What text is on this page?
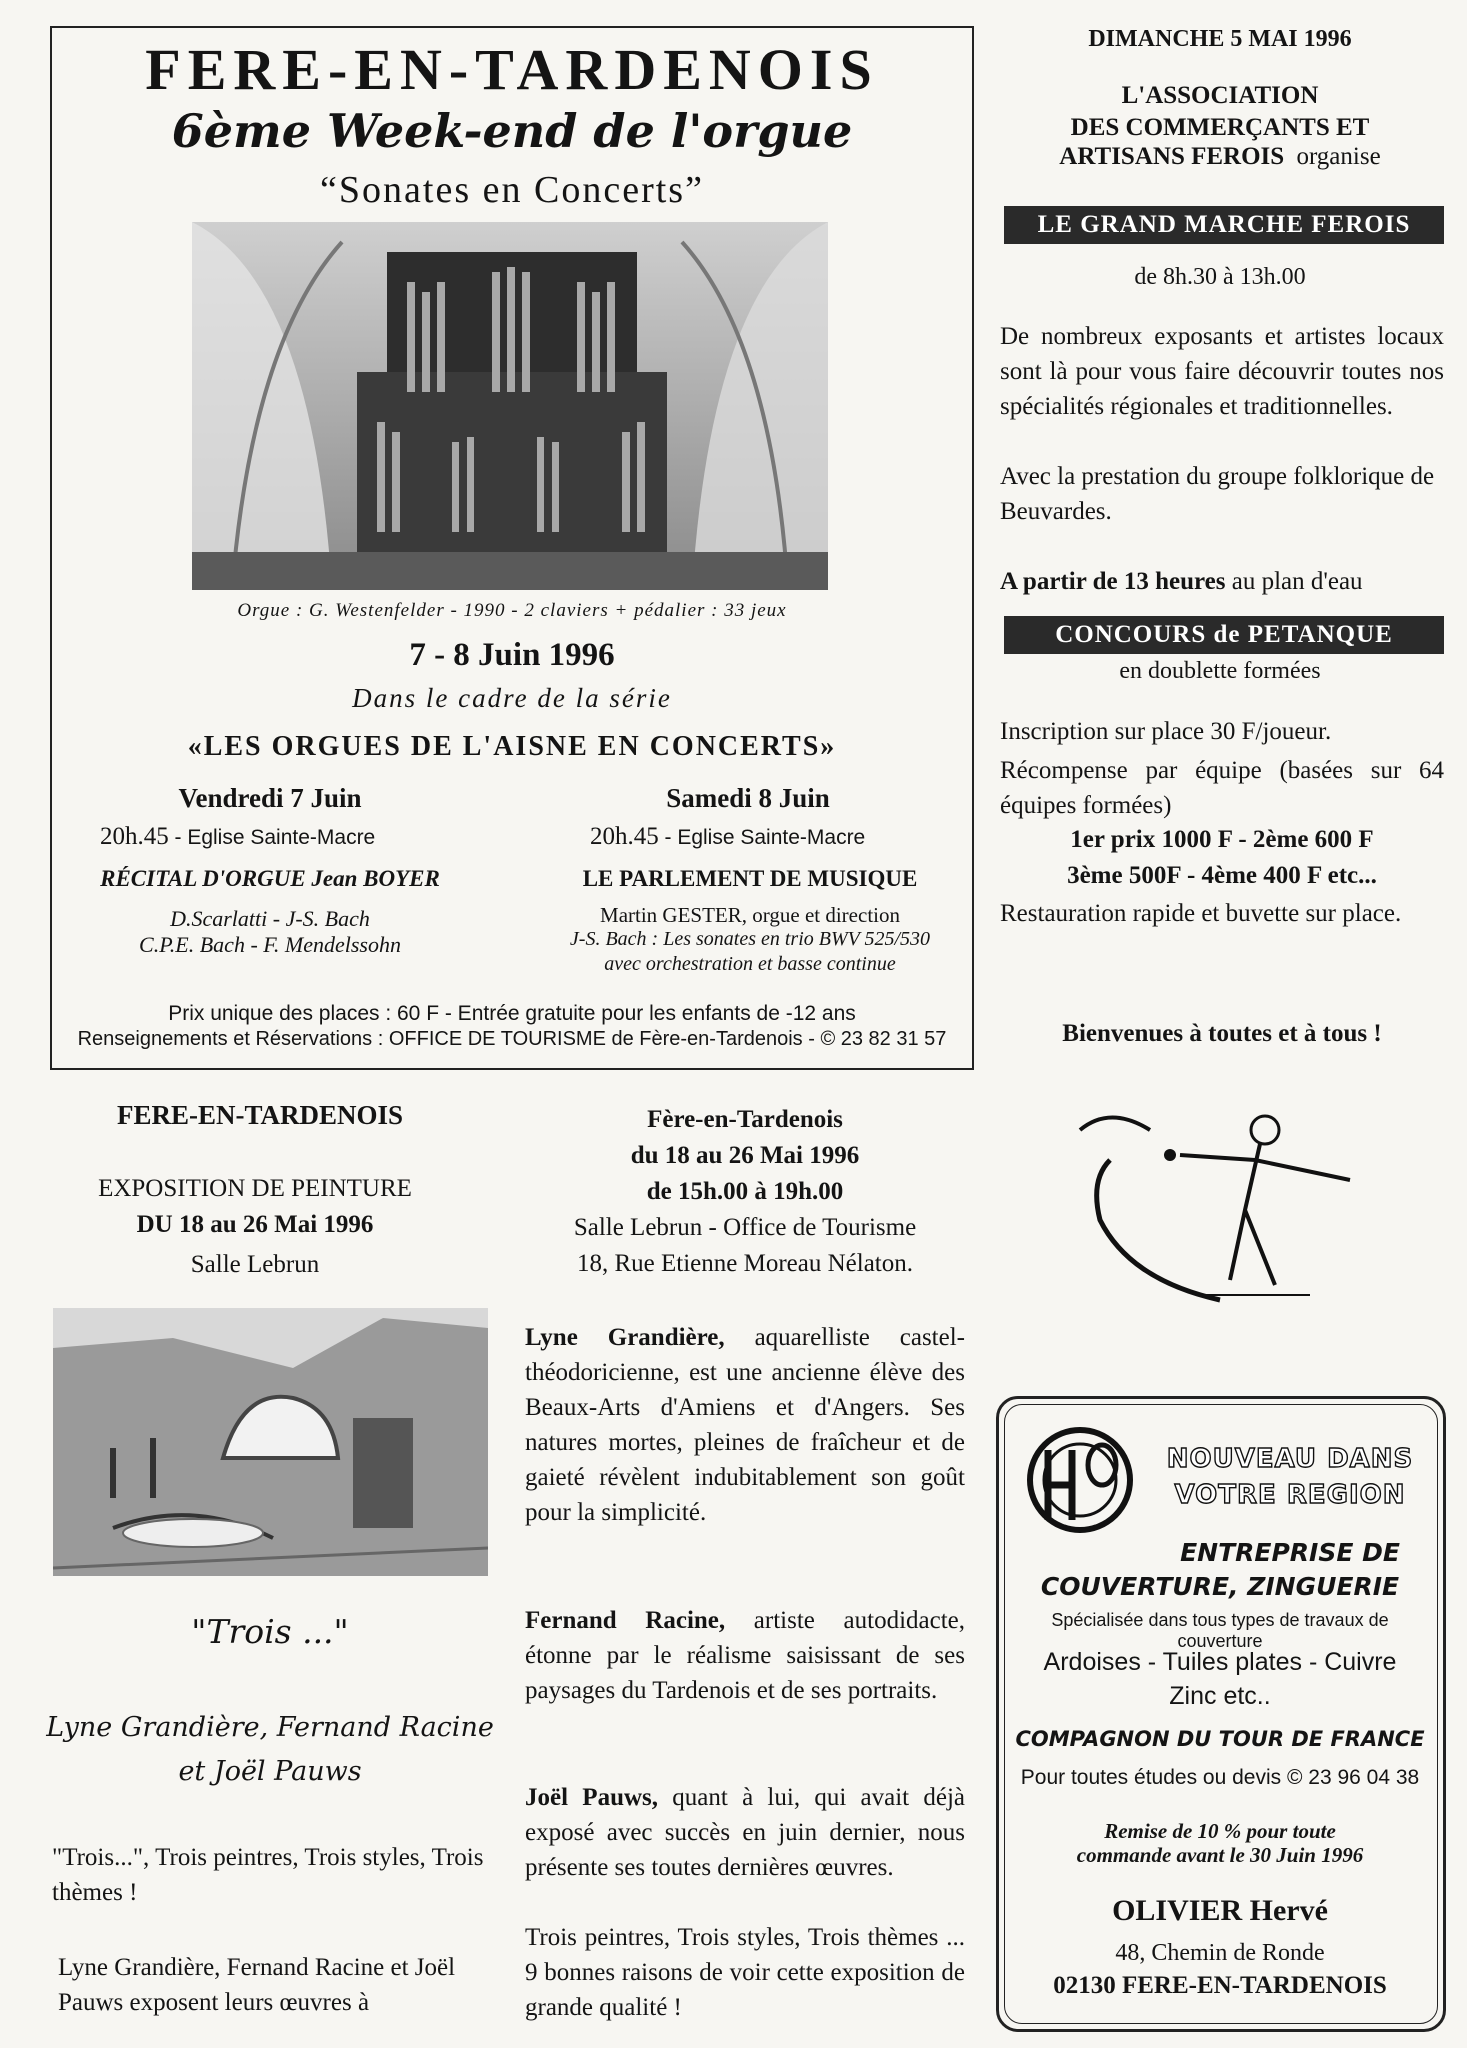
FERE-EN-TARDENOIS
6ème Week-end de l'orgue
“Sonates en Concerts”
Orgue : G. Westenfelder - 1990 - 2 claviers + pédalier : 33 jeux
7 - 8 Juin 1996
Dans le cadre de la série
«LES ORGUES DE L'AISNE EN CONCERTS»
Vendredi 7 Juin
20h.45 - Eglise Sainte-Macre
RÉCITAL D'ORGUE Jean BOYER
D.Scarlatti - J-S. Bach
C.P.E. Bach - F. Mendelssohn
Samedi 8 Juin
20h.45 - Eglise Sainte-Macre
LE PARLEMENT DE MUSIQUE
Martin GESTER, orgue et direction
J-S. Bach : Les sonates en trio BWV 525/530
avec orchestration et basse continue
Prix unique des places : 60 F - Entrée gratuite pour les enfants de -12 ans
Renseignements et Réservations : OFFICE DE TOURISME de Fère-en-Tardenois - © 23 82 31 57
DIMANCHE 5 MAI 1996
L'ASSOCIATION
DES COMMERÇANTS ET
ARTISANS FEROIS organise
LE GRAND MARCHE FEROIS
de 8h.30 à 13h.00
De nombreux exposants et artistes locaux sont là pour vous faire découvrir toutes nos spécialités régionales et traditionnelles.
Avec la prestation du groupe folklorique de Beuvardes.
A partir de 13 heures au plan d'eau
CONCOURS de PETANQUE
en doublette formées
Inscription sur place 30 F/joueur.
Récompense par équipe (basées sur 64 équipes formées)
1er prix 1000 F - 2ème 600 F
3ème 500F - 4ème 400 F etc...
Restauration rapide et buvette sur place.
Bienvenues à toutes et à tous !
FERE-EN-TARDENOIS
EXPOSITION DE PEINTURE
DU 18 au 26 Mai 1996
Salle Lebrun
"Trois ..."
Lyne Grandière, Fernand Racine
et Joël Pauws
"Trois...", Trois peintres, Trois styles, Trois thèmes !
Lyne Grandière, Fernand Racine et Joël Pauws exposent leurs œuvres à
Fère-en-Tardenois
du 18 au 26 Mai 1996
de 15h.00 à 19h.00
Salle Lebrun - Office de Tourisme
18, Rue Etienne Moreau Nélaton.
Lyne Grandière, aquarelliste castel-théodoricienne, est une ancienne élève des Beaux-Arts d'Amiens et d'Angers. Ses natures mortes, pleines de fraîcheur et de gaieté révèlent indubitablement son goût pour la simplicité.
Fernand Racine, artiste autodidacte, étonne par le réalisme saisissant de ses paysages du Tardenois et de ses portraits.
Joël Pauws, quant à lui, qui avait déjà exposé avec succès en juin dernier, nous présente ses toutes dernières œuvres.
Trois peintres, Trois styles, Trois thèmes ... 9 bonnes raisons de voir cette exposition de grande qualité !
NOUVEAU DANS
VOTRE REGION
ENTREPRISE DE
COUVERTURE, ZINGUERIE
Spécialisée dans tous types de travaux de couverture
Ardoises - Tuiles plates - Cuivre
Zinc etc..
COMPAGNON DU TOUR DE FRANCE
Pour toutes études ou devis © 23 96 04 38
Remise de 10 % pour toute
commande avant le 30 Juin 1996
OLIVIER Hervé
48, Chemin de Ronde
02130 FERE-EN-TARDENOIS
